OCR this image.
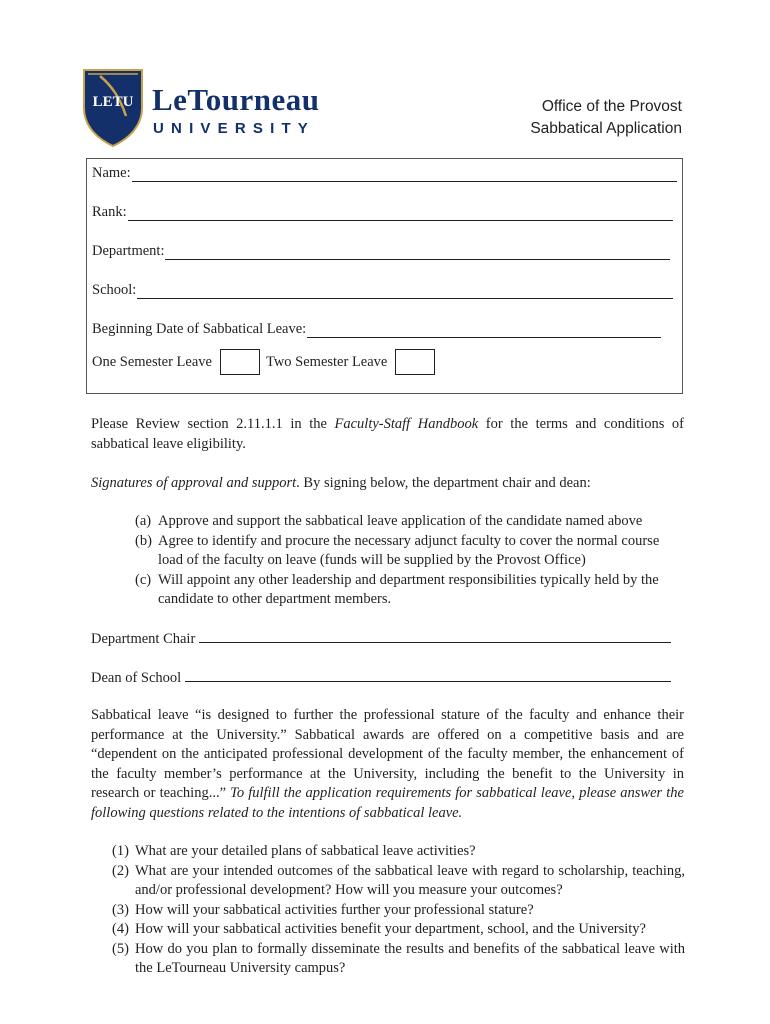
LETU LeTourneau
UNIVERSITY
Office of the Provost
Sabbatical Application
Name:
Rank:
Department:
School:
Beginning Date of Sabbatical Leave:
One Semester Leave	Two Semester Leave
Please Review section 2.11.1.1 in the Faculty-Staff Handbook for the terms and conditions of sabbatical leave eligibility.
Signatures of approval and support. By signing below, the department chair and dean:
(a) Approve and support the sabbatical leave application of the candidate named above
(b) Agree to identify and procure the necessary adjunct faculty to cover the normal course load of the faculty on leave (funds will be supplied by the Provost Office)
(c) Will appoint any other leadership and department responsibilities typically held by the candidate to other department members.
Department Chair
Dean of School
Sabbatical leave “is designed to further the professional stature of the faculty and enhance their performance at the University.” Sabbatical awards are offered on a competitive basis and are “dependent on the anticipated professional development of the faculty member, the enhancement of the faculty member’s performance at the University, including the benefit to the University in research or teaching...” To fulfill the application requirements for sabbatical leave, please answer the following questions related to the intentions of sabbatical leave.
(1) What are your detailed plans of sabbatical leave activities?
(2) What are your intended outcomes of the sabbatical leave with regard to scholarship, teaching, and/or professional development? How will you measure your outcomes?
(3) How will your sabbatical activities further your professional stature?
(4) How will your sabbatical activities benefit your department, school, and the University?
(5) How do you plan to formally disseminate the results and benefits of the sabbatical leave with the LeTourneau University campus?
